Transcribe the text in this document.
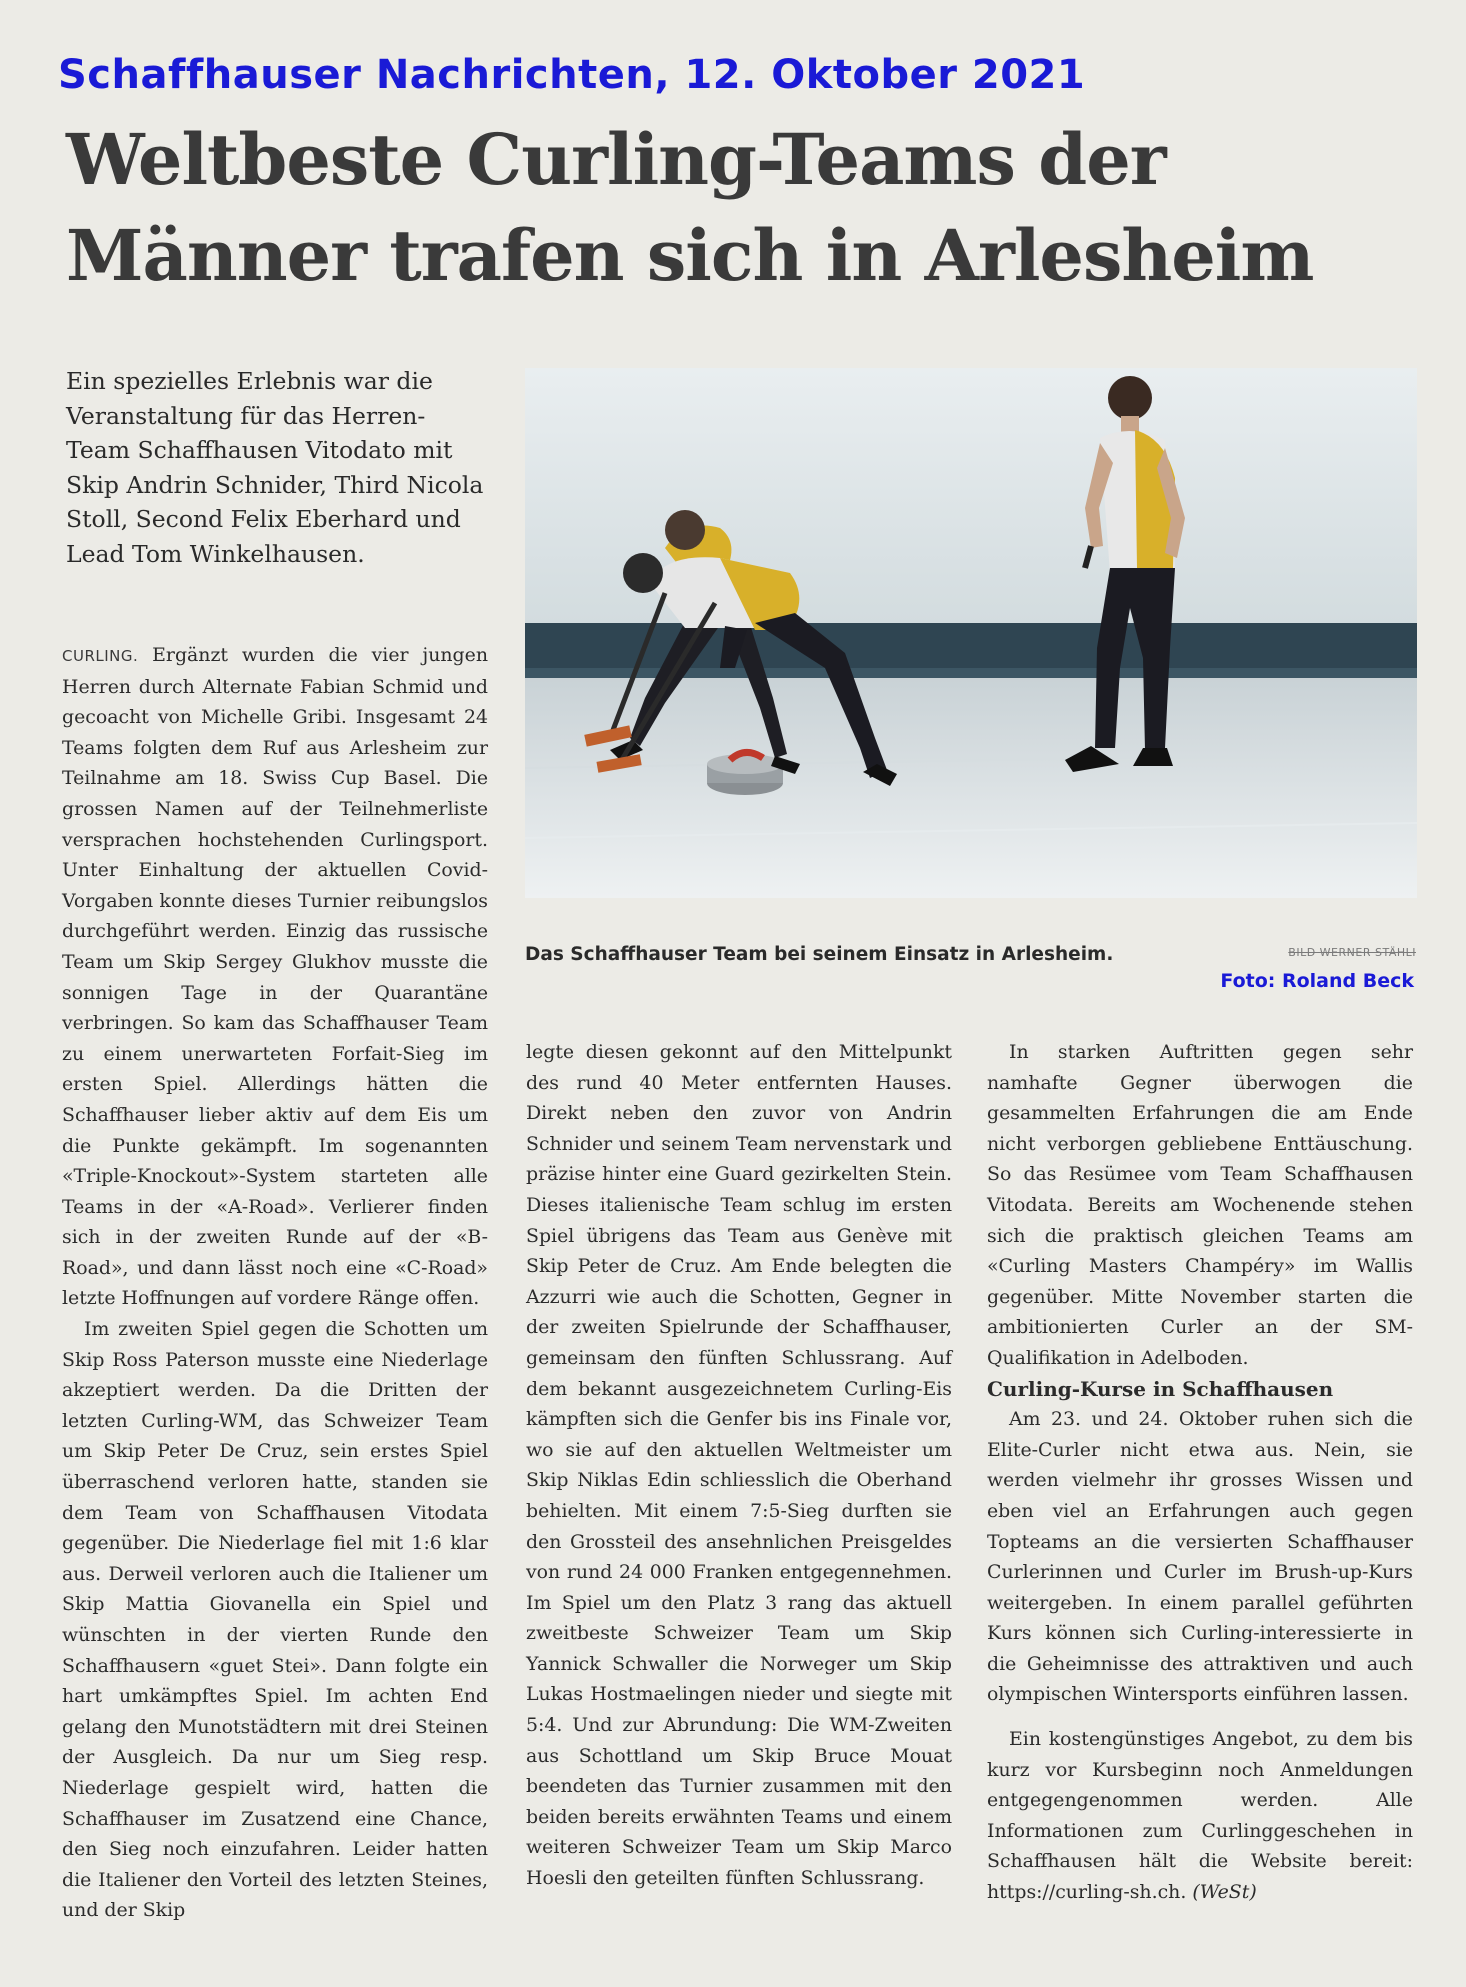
Schaffhauser Nachrichten, 12. Oktober 2021
Weltbeste Curling-Teams der
Männer trafen sich in Arlesheim

Ein spezielles Erlebnis war die Veranstaltung für das Herren-Team Schaffhausen Vitodato mit Skip Andrin Schnider, Third Nicola Stoll, Second Felix Eberhard und Lead Tom Winkelhausen.

Das Schaffhauser Team bei seinem Einsatz in Arlesheim.	BILD WERNER STÄHLI
Foto: Roland Beck

CURLING. Ergänzt wurden die vier jungen Herren durch Alternate Fabian Schmid und gecoacht von Michelle Gribi. Insgesamt 24 Teams folgten dem Ruf aus Arlesheim zur Teilnahme am 18. Swiss Cup Basel. Die grossen Namen auf der Teilnehmerliste versprachen hochstehenden Curlingsport. Unter Einhaltung der aktuellen Covid-Vorgaben konnte dieses Turnier reibungslos durchgeführt werden. Einzig das russische Team um Skip Sergey Glukhov musste die sonnigen Tage in der Quarantäne verbringen. So kam das Schaffhauser Team zu einem unerwarteten Forfait-Sieg im ersten Spiel. Allerdings hätten die Schaffhauser lieber aktiv auf dem Eis um die Punkte gekämpft. Im sogenannten «Triple-Knockout»-System starteten alle Teams in der «A-Road». Verlierer finden sich in der zweiten Runde auf der «B-Road», und dann lässt noch eine «C-Road» letzte Hoffnungen auf vordere Ränge offen.

Im zweiten Spiel gegen die Schotten um Skip Ross Paterson musste eine Niederlage akzeptiert werden. Da die Dritten der letzten Curling-WM, das Schweizer Team um Skip Peter De Cruz, sein erstes Spiel überraschend verloren hatte, standen sie dem Team von Schaffhausen Vitodata gegenüber. Die Niederlage fiel mit 1:6 klar aus. Derweil verloren auch die Italiener um Skip Mattia Giovanella ein Spiel und wünschten in der vierten Runde den Schaffhausern «guet Stei». Dann folgte ein hart umkämpftes Spiel. Im achten End gelang den Munotstädtern mit drei Steinen der Ausgleich. Da nur um Sieg resp. Niederlage gespielt wird, hatten die Schaffhauser im Zusatzend eine Chance, den Sieg noch einzufahren. Leider hatten die Italiener den Vorteil des letzten Steines, und der Skip

legte diesen gekonnt auf den Mittelpunkt des rund 40 Meter entfernten Hauses. Direkt neben den zuvor von Andrin Schnider und seinem Team nervenstark und präzise hinter eine Guard gezirkelten Stein. Dieses italienische Team schlug im ersten Spiel übrigens das Team aus Genève mit Skip Peter de Cruz. Am Ende belegten die Azzurri wie auch die Schotten, Gegner in der zweiten Spielrunde der Schaffhauser, gemeinsam den fünften Schlussrang. Auf dem bekannt ausgezeichnetem Curling-Eis kämpften sich die Genfer bis ins Finale vor, wo sie auf den aktuellen Weltmeister um Skip Niklas Edin schliesslich die Oberhand behielten. Mit einem 7:5-Sieg durften sie den Grossteil des ansehnlichen Preisgeldes von rund 24 000 Franken entgegennehmen. Im Spiel um den Platz 3 rang das aktuell zweitbeste Schweizer Team um Skip Yannick Schwaller die Norweger um Skip Lukas Hostmaelingen nieder und siegte mit 5:4. Und zur Abrundung: Die WM-Zweiten aus Schottland um Skip Bruce Mouat beendeten das Turnier zusammen mit den beiden bereits erwähnten Teams und einem weiteren Schweizer Team um Skip Marco Hoesli den geteilten fünften Schlussrang.

In starken Auftritten gegen sehr namhafte Gegner überwogen die gesammelten Erfahrungen die am Ende nicht verborgen gebliebene Enttäuschung. So das Resümee vom Team Schaffhausen Vitodata. Bereits am Wochenende stehen sich die praktisch gleichen Teams am «Curling Masters Champéry» im Wallis gegenüber. Mitte November starten die ambitionierten Curler an der SM-Qualifikation in Adelboden.

Curling-Kurse in Schaffhausen

Am 23. und 24. Oktober ruhen sich die Elite-Curler nicht etwa aus. Nein, sie werden vielmehr ihr grosses Wissen und eben viel an Erfahrungen auch gegen Topteams an die versierten Schaffhauser Curlerinnen und Curler im Brush-up-Kurs weitergeben. In einem parallel geführten Kurs können sich Curling-interessierte in die Geheimnisse des attraktiven und auch olympischen Wintersports einführen lassen.

Ein kostengünstiges Angebot, zu dem bis kurz vor Kursbeginn noch Anmeldungen entgegengenommen werden. Alle Informationen zum Curlinggeschehen in Schaffhausen hält die Website bereit: https://curling-sh.ch. (WeSt)
